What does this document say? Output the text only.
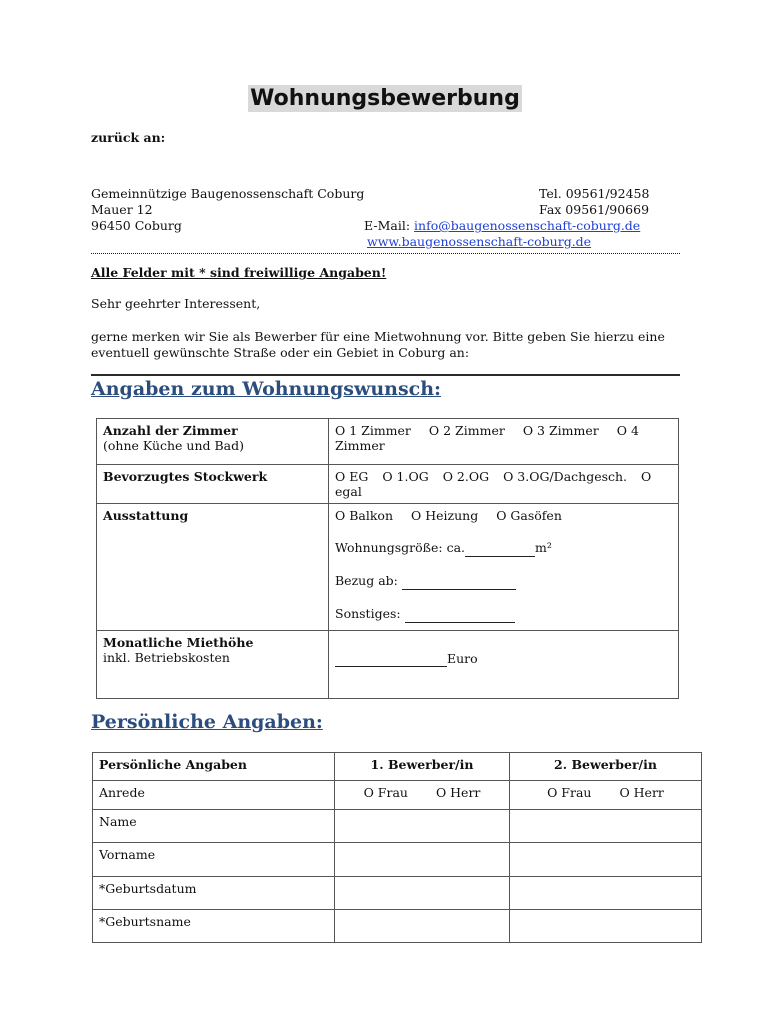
Wohnungsbewerbung
zurück an:
Gemeinnützige Baugenossenschaft Coburg
Mauer 12
96450 Coburg
Tel. 09561/92458
Fax 09561/90669
E-Mail: info@baugenossenschaft-coburg.de
www.baugenossenschaft-coburg.de
Alle Felder mit * sind freiwillige Angaben!
Sehr geehrter Interessent,
gerne merken wir Sie als Bewerber für eine Mietwohnung vor. Bitte geben Sie hierzu eine
eventuell gewünschte Straße oder ein Gebiet in Coburg an:
Angaben zum Wohnungswunsch:
Anzahl der Zimmer
(ohne Küche und Bad)	O 1 Zimmer O 2 Zimmer O 3 Zimmer O 4 Zimmer
Bevorzugtes Stockwerk	O EG O 1.OG O 2.OG O 3.OG/Dachgesch. O egal
Ausstattung	O Balkon O Heizung O Gasöfen
Wohnungsgröße: ca. m²
Bezug ab:
Sonstiges:

Monatliche Miethöhe
inkl. Betriebskosten	Euro
Persönliche Angaben:
Persönliche Angaben	1. Bewerber/in	2. Bewerber/in
Anrede	O Frau O Herr	O Frau O Herr
Name		
Vorname		
*Geburtsdatum		
*Geburtsname		
